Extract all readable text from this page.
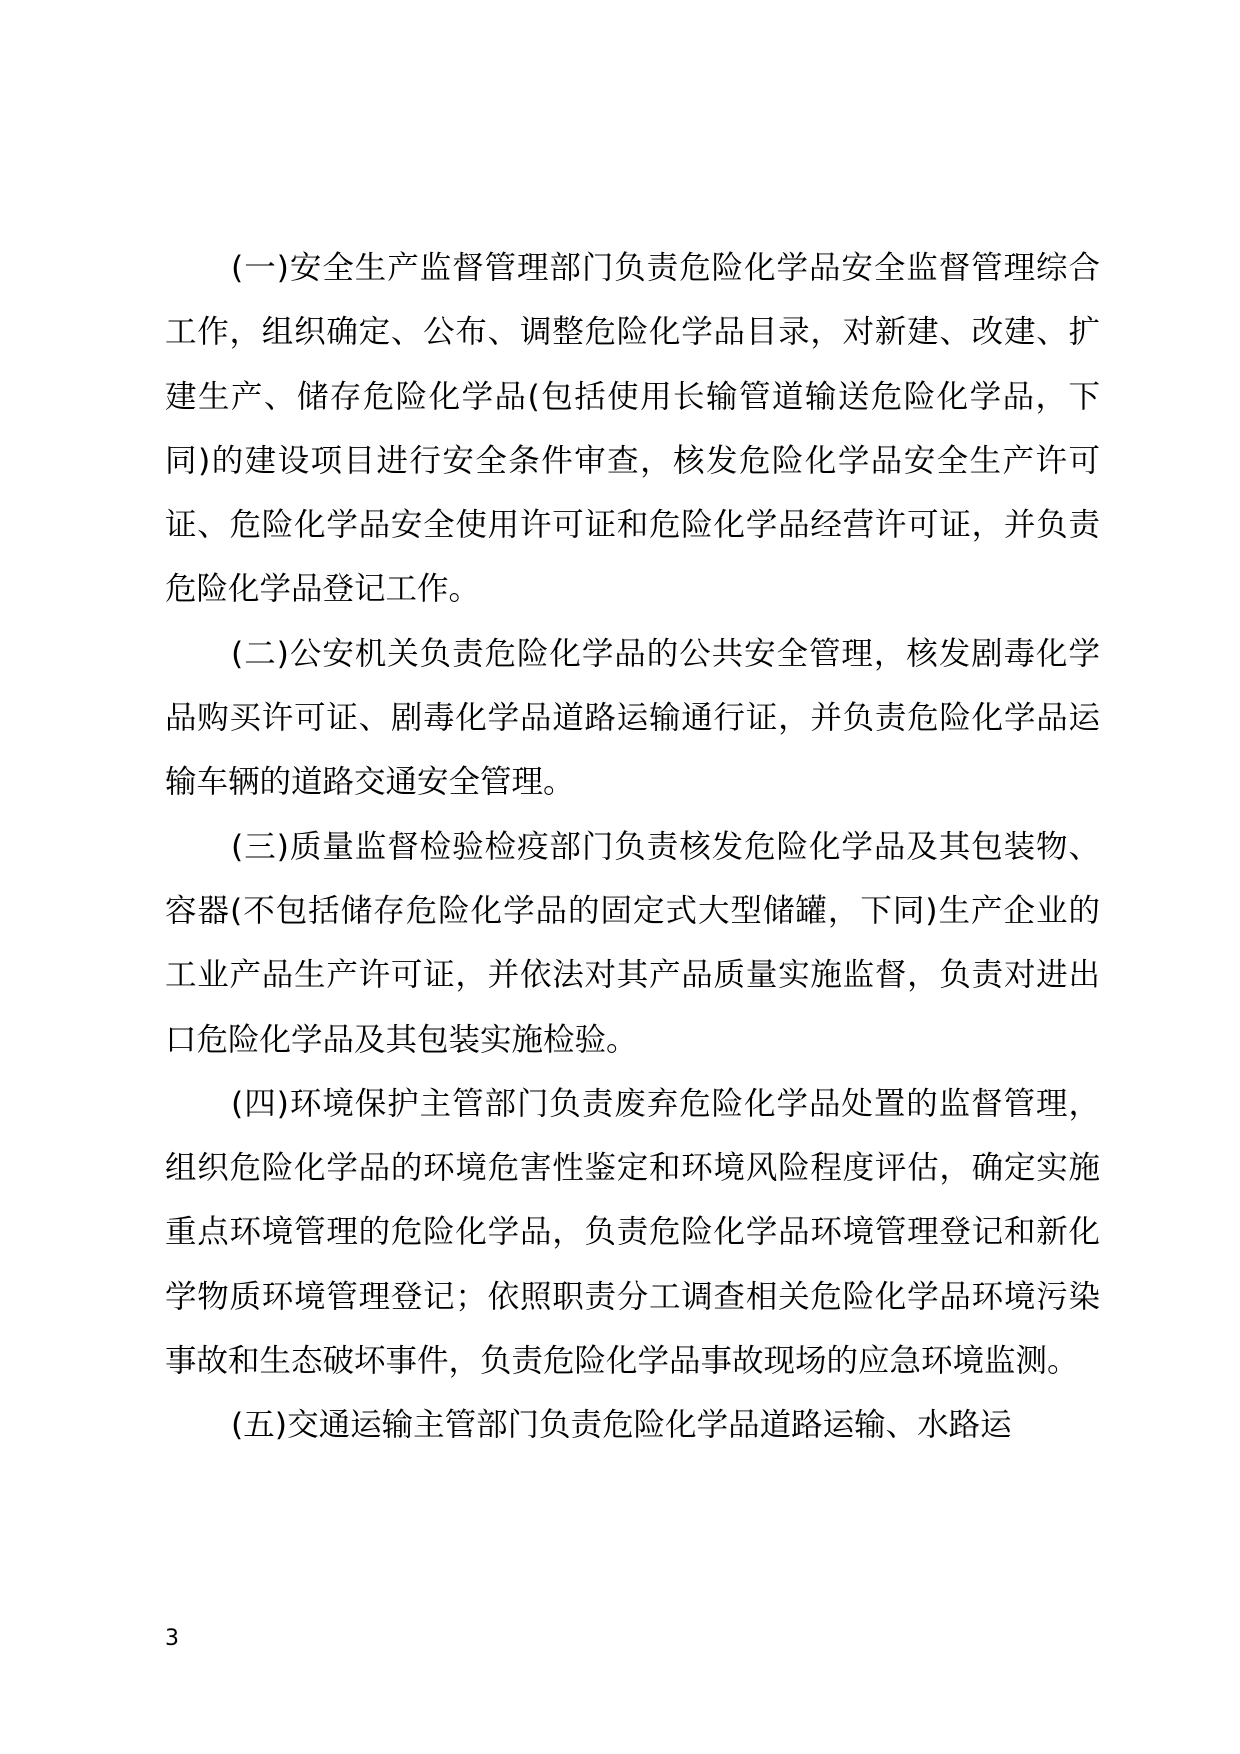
(一)安全生产监督管理部门负责危险化学品安全监督管理综合工作，组织确定、公布、调整危险化学品目录，对新建、改建、扩建生产、储存危险化学品(包括使用长输管道输送危险化学品，下同)的建设项目进行安全条件审查，核发危险化学品安全生产许可证、危险化学品安全使用许可证和危险化学品经营许可证，并负责危险化学品登记工作。

(二)公安机关负责危险化学品的公共安全管理，核发剧毒化学品购买许可证、剧毒化学品道路运输通行证，并负责危险化学品运输车辆的道路交通安全管理。

(三)质量监督检验检疫部门负责核发危险化学品及其包装物、容器(不包括储存危险化学品的固定式大型储罐，下同)生产企业的工业产品生产许可证，并依法对其产品质量实施监督，负责对进出口危险化学品及其包装实施检验。

(四)环境保护主管部门负责废弃危险化学品处置的监督管理，组织危险化学品的环境危害性鉴定和环境风险程度评估，确定实施重点环境管理的危险化学品，负责危险化学品环境管理登记和新化学物质环境管理登记；依照职责分工调查相关危险化学品环境污染事故和生态破坏事件，负责危险化学品事故现场的应急环境监测。

(五)交通运输主管部门负责危险化学品道路运输、水路运

3
